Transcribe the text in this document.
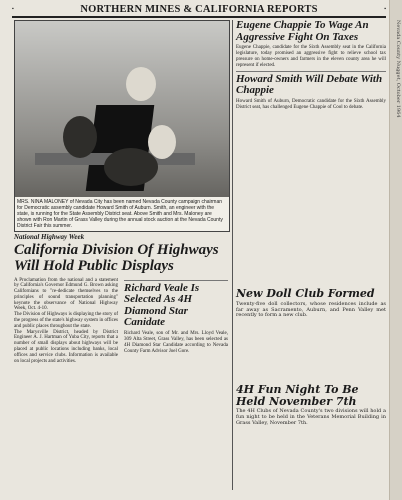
Nevada County Nugget, October 1964
▪	NORTHERN MINES & CALIFORNIA REPORTS	▪
MRS. NINA MALONEY of Nevada City has been named Nevada County campaign chairman for Democratic assembly candidate Howard Smith of Auburn. Smith, an engineer with the state, is running for the State Assembly District seat. Above Smith and Mrs. Maloney are shown with Ron Martin of Grass Valley during the annual stock auction at the Nevada County District Fair this summer.
National Highway Week
California Division Of Highways Will Hold Public Displays

A Proclamation from the national and a statement by California's Governor Edmund G. Brown asking Californians to "re-dedicate themselves to the principles of sound transportation planning" keynote the observance of National Highway Week, Oct. 4-10.

The Division of Highways is displaying the story of the progress of the state's highway system in offices and public places throughout the state.

The Marysville District, headed by District Engineer A. J. Hartman of Yuba City, reports that a number of small displays about highways will be placed at public locations including banks, local offices and service clubs. Information is available on local projects and activities.

Richard Veale Is Selected As 4H Diamond Star Canidate

Richard Veale, son of Mr. and Mrs. Lloyd Veale, 309 Alta Street, Grass Valley, has been selected as 4H Diamond Star Candidate according to Nevada County Farm Advisor Joel Gore.

Eugene Chappie To Wage An Aggressive Fight On Taxes

Eugene Chappie, candidate for the Sixth Assembly seat in the California legislature, today promised an aggressive fight to relieve school tax pressure on home-owners and farmers in the eleven county area he will represent if elected.

Howard Smith Will Debate With Chappie

Howard Smith of Auburn, Democratic candidate for the Sixth Assembly District seat, has challenged Eugene Chappie of Cool to debate.

New Doll Club Formed

Twenty-five doll collectors, whose residences include as far away as Sacramento, Auburn, and Penn Valley met recently to form a new club.

4H Fun Night To Be Held November 7th

The 4H Clubs of Nevada County's two divisions will hold a fun night to be held in the Veterans Memorial Building in Grass Valley, November 7th.
